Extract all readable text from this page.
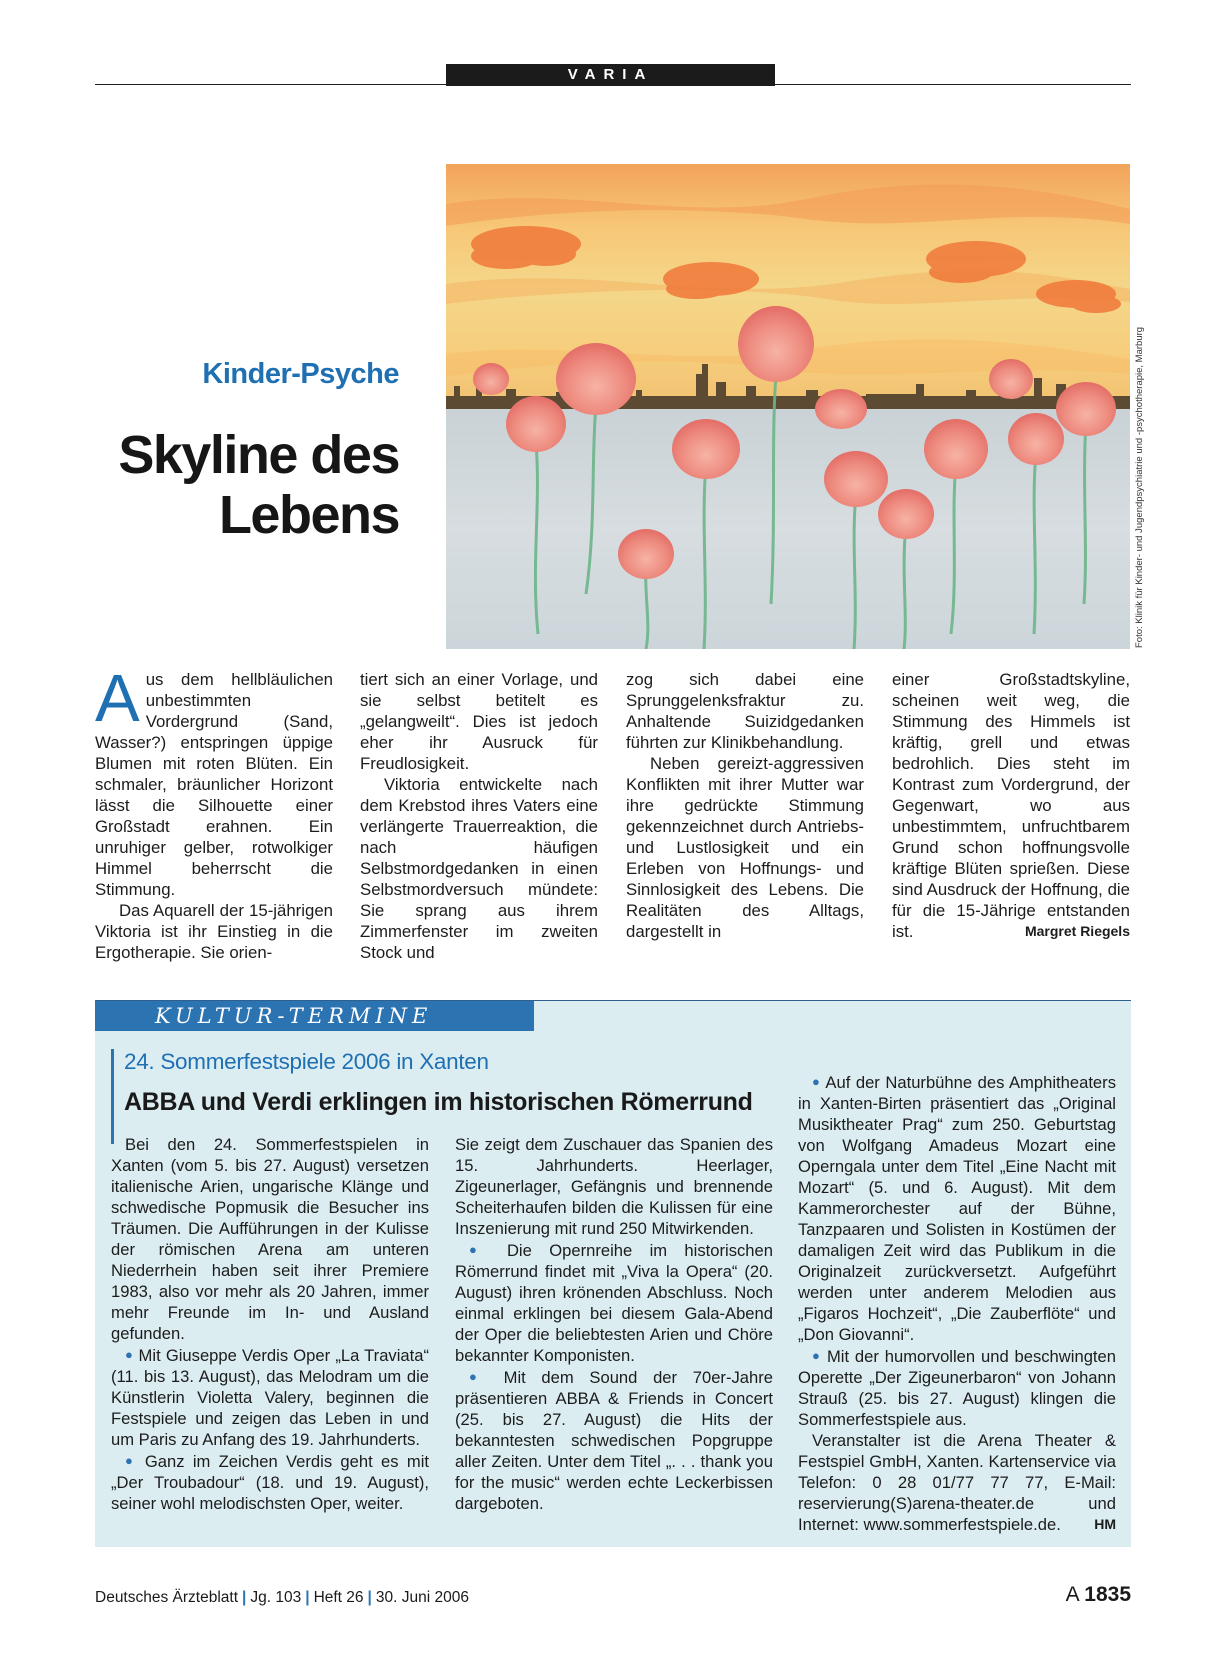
VARIA
Kinder-Psyche
Skyline des
Lebens	Foto: Klinik für Kinder- und Jugendpsychiatrie und -psychotherapie, Marburg

Aus dem hellbläulichen unbestimmten Vordergrund (Sand, Wasser?) entspringen üppige Blumen mit roten Blüten. Ein schmaler, bräunlicher Horizont lässt die Silhouette einer Großstadt erahnen. Ein unruhiger gelber, rotwolkiger Himmel beherrscht die Stimmung.

Das Aquarell der 15-jährigen Viktoria ist ihr Einstieg in die Ergotherapie. Sie orien-

tiert sich an einer Vorlage, und sie selbst betitelt es „gelangweilt“. Dies ist jedoch eher ihr Ausruck für Freudlosigkeit.

Viktoria entwickelte nach dem Krebstod ihres Vaters eine verlängerte Trauerreaktion, die nach häufigen Selbstmordgedanken in einen Selbstmordversuch mündete: Sie sprang aus ihrem Zimmerfenster im zweiten Stock und

zog sich dabei eine Sprunggelenksfraktur zu. Anhaltende Suizidgedanken führten zur Klinikbehandlung.

Neben gereizt-aggressiven Konflikten mit ihrer Mutter war ihre gedrückte Stimmung gekennzeichnet durch Antriebs- und Lustlosigkeit und ein Erleben von Hoffnungs- und Sinnlosigkeit des Lebens. Die Realitäten des Alltags, dargestellt in

einer Großstadtskyline, scheinen weit weg, die Stimmung des Himmels ist kräftig, grell und etwas bedrohlich. Dies steht im Kontrast zum Vordergrund, der Gegenwart, wo aus unbestimmtem, unfruchtbarem Grund schon hoffnungsvolle kräftige Blüten sprießen. Diese sind Ausdruck der Hoffnung, die für die 15-Jährige entstanden ist.	Margret Riegels

KULTUR-TERMINE
24. Sommerfestspiele 2006 in Xanten
ABBA und Verdi erklingen im historischen Römerrund

Bei den 24. Sommerfestspielen in Xanten (vom 5. bis 27. August) versetzen italienische Arien, ungarische Klänge und schwedische Popmusik die Besucher ins Träumen. Die Aufführungen in der Kulisse der römischen Arena am unteren Niederrhein haben seit ihrer Premiere 1983, also vor mehr als 20 Jahren, immer mehr Freunde im In- und Ausland gefunden.

● Mit Giuseppe Verdis Oper „La Traviata“ (11. bis 13. August), das Melodram um die Künstlerin Violetta Valery, beginnen die Festspiele und zeigen das Leben in und um Paris zu Anfang des 19. Jahrhunderts.

● Ganz im Zeichen Verdis geht es mit „Der Troubadour“ (18. und 19. August), seiner wohl melodischsten Oper, weiter.

Sie zeigt dem Zuschauer das Spanien des 15. Jahrhunderts. Heerlager, Zigeunerlager, Gefängnis und brennende Scheiterhaufen bilden die Kulissen für eine Inszenierung mit rund 250 Mitwirkenden.

● Die Opernreihe im historischen Römerrund findet mit „Viva la Opera“ (20. August) ihren krönenden Abschluss. Noch einmal erklingen bei diesem Gala-Abend der Oper die beliebtesten Arien und Chöre bekannter Komponisten.

● Mit dem Sound der 70er-Jahre präsentieren ABBA & Friends in Concert (25. bis 27. August) die Hits der bekanntesten schwedischen Popgruppe aller Zeiten. Unter dem Titel „. . . thank you for the music“ werden echte Leckerbissen dargeboten.

● Auf der Naturbühne des Amphitheaters in Xanten-Birten präsentiert das „Original Musiktheater Prag“ zum 250. Geburtstag von Wolfgang Amadeus Mozart eine Operngala unter dem Titel „Eine Nacht mit Mozart“ (5. und 6. August). Mit dem Kammerorchester auf der Bühne, Tanzpaaren und Solisten in Kostümen der damaligen Zeit wird das Publikum in die Originalzeit zurückversetzt. Aufgeführt werden unter anderem Melodien aus „Figaros Hochzeit“, „Die Zauberflöte“ und „Don Giovanni“.

● Mit der humorvollen und beschwingten Operette „Der Zigeunerbaron“ von Johann Strauß (25. bis 27. August) klingen die Sommerfestspiele aus.

Veranstalter ist die Arena Theater & Festspiel GmbH, Xanten. Kartenservice via Telefon: 0 28 01/77 77 77, E-Mail: reservierung(S)arena-theater.de und Internet: www.sommerfestspiele.de.	HM

Deutsches Ärzteblatt | Jg. 103 | Heft 26 | 30. Juni 2006	A 1835
